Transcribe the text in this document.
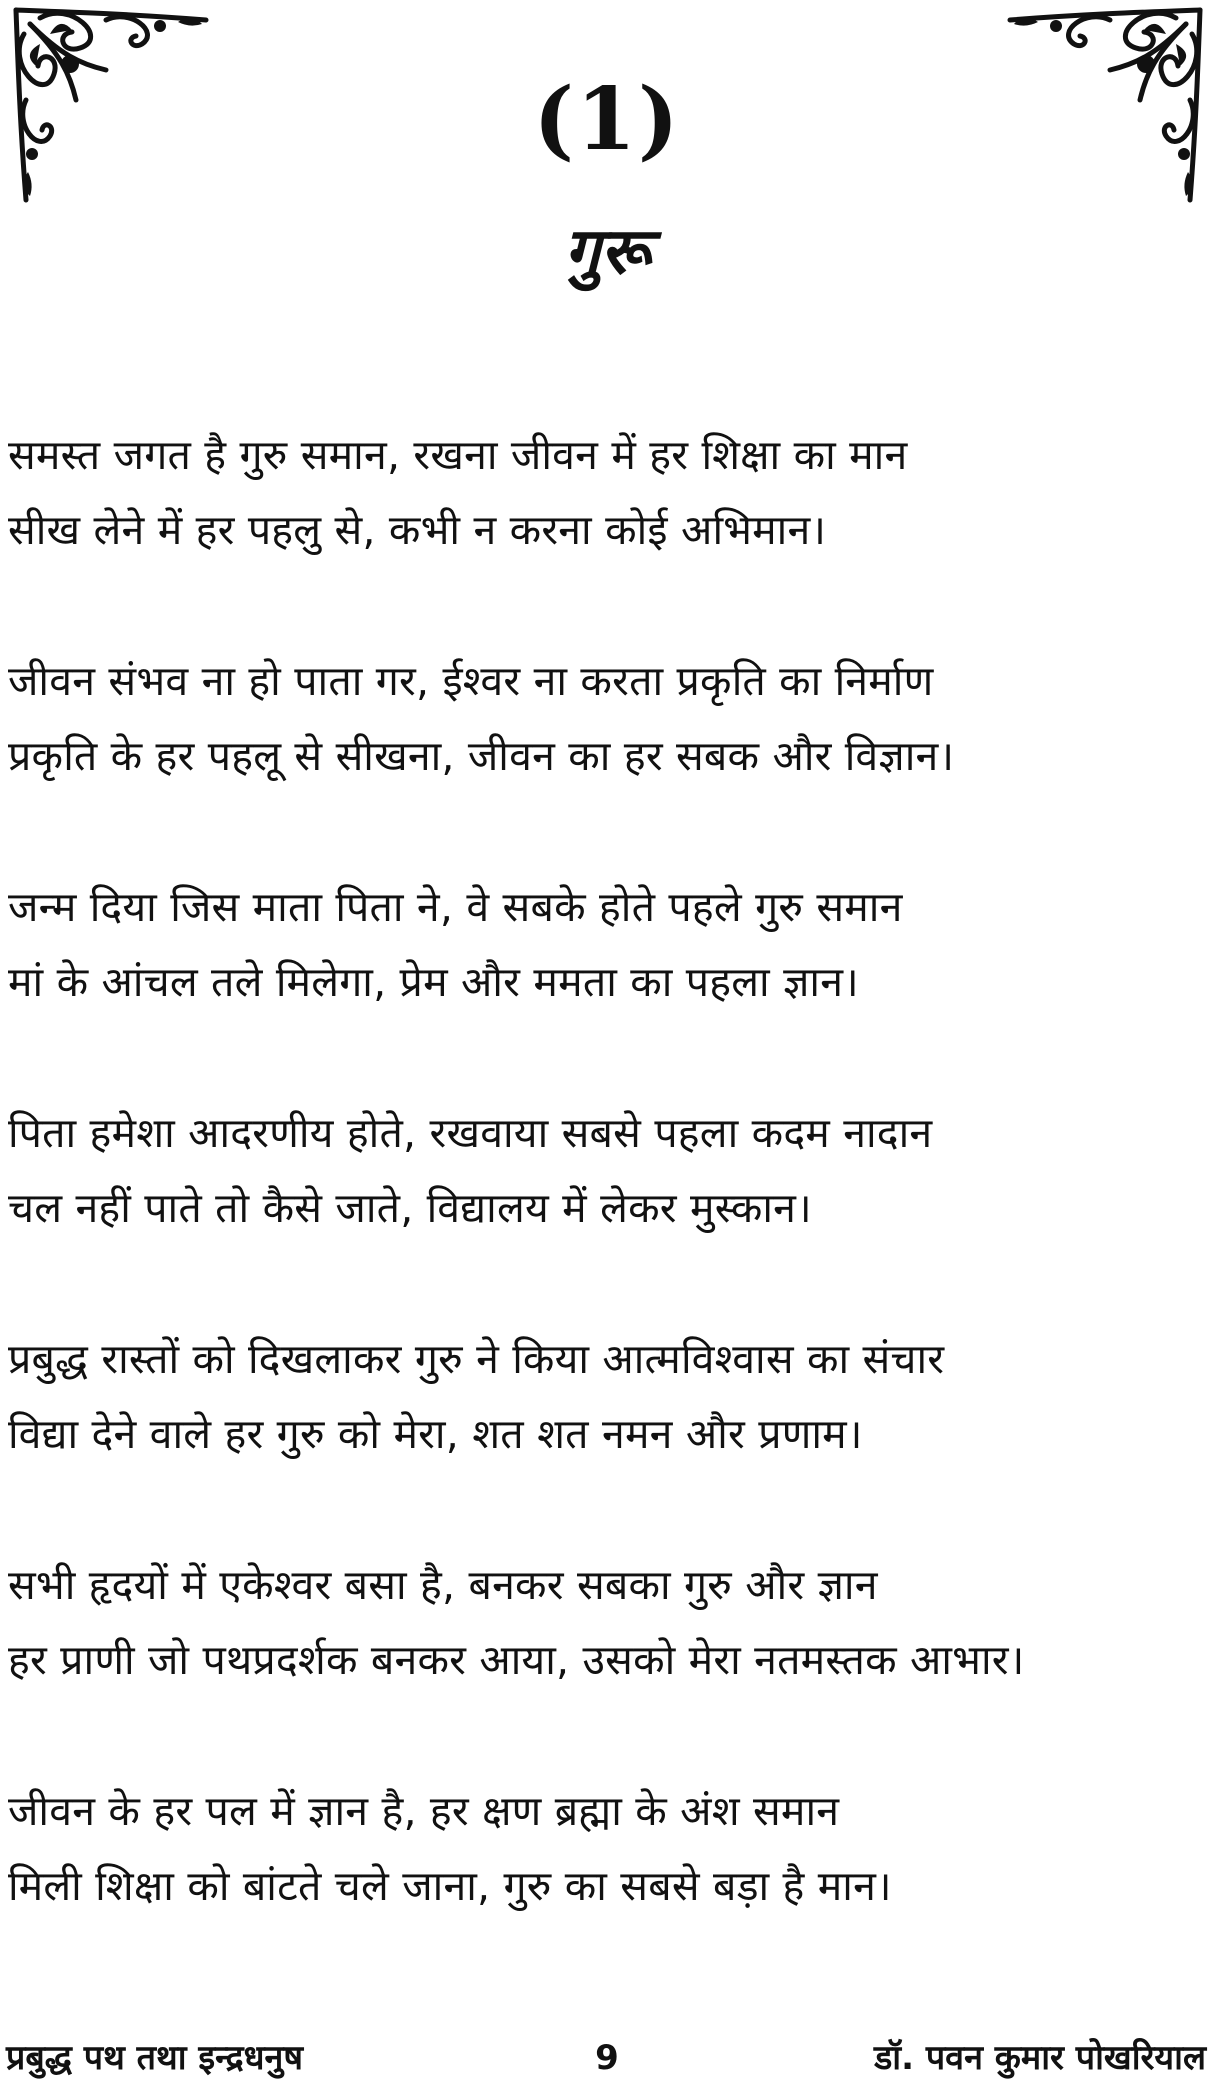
(1)
गुरू
समस्त जगत है गुरु समान, रखना जीवन में हर शिक्षा का मान
सीख लेने में हर पहलु से, कभी न करना कोई अभिमान।
जीवन संभव ना हो पाता गर, ईश्वर ना करता प्रकृति का निर्माण
प्रकृति के हर पहलू से सीखना, जीवन का हर सबक और विज्ञान।
जन्म दिया जिस माता पिता ने, वे सबके होते पहले गुरु समान
मां के आंचल तले मिलेगा, प्रेम और ममता का पहला ज्ञान।
पिता हमेशा आदरणीय होते, रखवाया सबसे पहला कदम नादान
चल नहीं पाते तो कैसे जाते, विद्यालय में लेकर मुस्कान।
प्रबुद्ध रास्तों को दिखलाकर गुरु ने किया आत्मविश्वास का संचार
विद्या देने वाले हर गुरु को मेरा, शत शत नमन और प्रणाम।
सभी हृदयों में एकेश्वर बसा है, बनकर सबका गुरु और ज्ञान
हर प्राणी जो पथप्रदर्शक बनकर आया, उसको मेरा नतमस्तक आभार।
जीवन के हर पल में ज्ञान है, हर क्षण ब्रह्मा के अंश समान
मिली शिक्षा को बांटते चले जाना, गुरु का सबसे बड़ा है मान।
प्रबुद्ध पथ तथा इन्द्रधनुष	9	डॉ. पवन कुमार पोखरियाल
